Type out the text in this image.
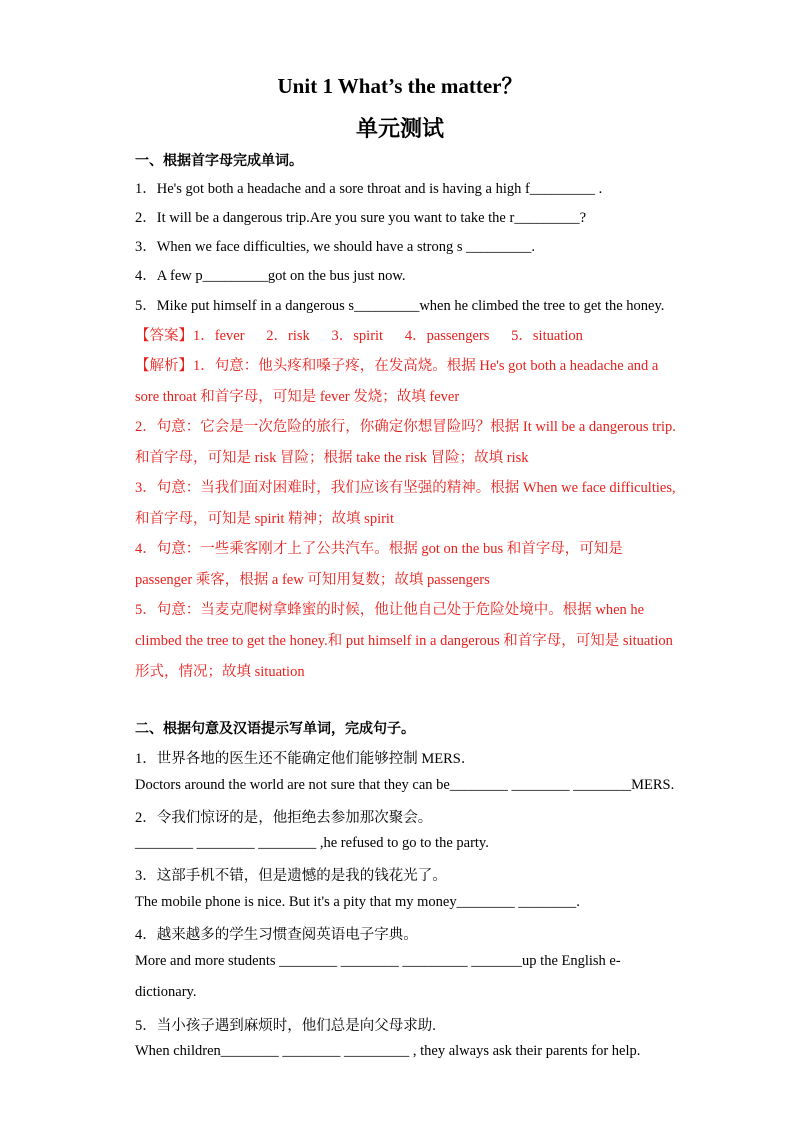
Unit 1 What’s the matter？
单元测试
一、根据首字母完成单词。
1．He's got both a headache and a sore throat and is having a high f_________ .
2．It will be a dangerous trip.Are you sure you want to take the r_________?
3．When we face difficulties, we should have a strong s _________.
4．A few p_________got on the bus just now.
5．Mike put himself in a dangerous s_________when he climbed the tree to get the honey.
【答案】1．fever      2．risk      3．spirit      4．passengers      5．situation
【解析】1．句意：他头疼和嗓子疼，在发高烧。根据 He's got both a headache and a
sore throat 和首字母，可知是 fever 发烧；故填 fever
2．句意：它会是一次危险的旅行，你确定你想冒险吗？根据 It will be a dangerous trip.
和首字母，可知是 risk 冒险；根据 take the risk 冒险；故填 risk
3．句意：当我们面对困难时，我们应该有坚强的精神。根据 When we face difficulties,
和首字母，可知是 spirit 精神；故填 spirit
4．句意：一些乘客刚才上了公共汽车。根据 got on the bus 和首字母，可知是
passenger 乘客，根据 a few 可知用复数；故填 passengers
5．句意：当麦克爬树拿蜂蜜的时候，他让他自己处于危险处境中。根据 when he
climbed the tree to get the honey.和 put himself in a dangerous 和首字母，可知是 situation
形式，情况；故填 situation
二、根据句意及汉语提示写单词，完成句子。
1．世界各地的医生还不能确定他们能够控制 MERS．
Doctors around the world are not sure that they can be________ ________ ________MERS.
2．令我们惊讶的是，他拒绝去参加那次聚会。
________ ________ ________ ,he refused to go to the party.
3．这部手机不错，但是遗憾的是我的钱花光了。
The mobile phone is nice. But it's a pity that my money________ ________.
4．越来越多的学生习惯查阅英语电子字典。
More and more students ________ ________ _________ _______up the English e-
dictionary.
5．当小孩子遇到麻烦时，他们总是向父母求助.
When children________ ________ _________ , they always ask their parents for help.
